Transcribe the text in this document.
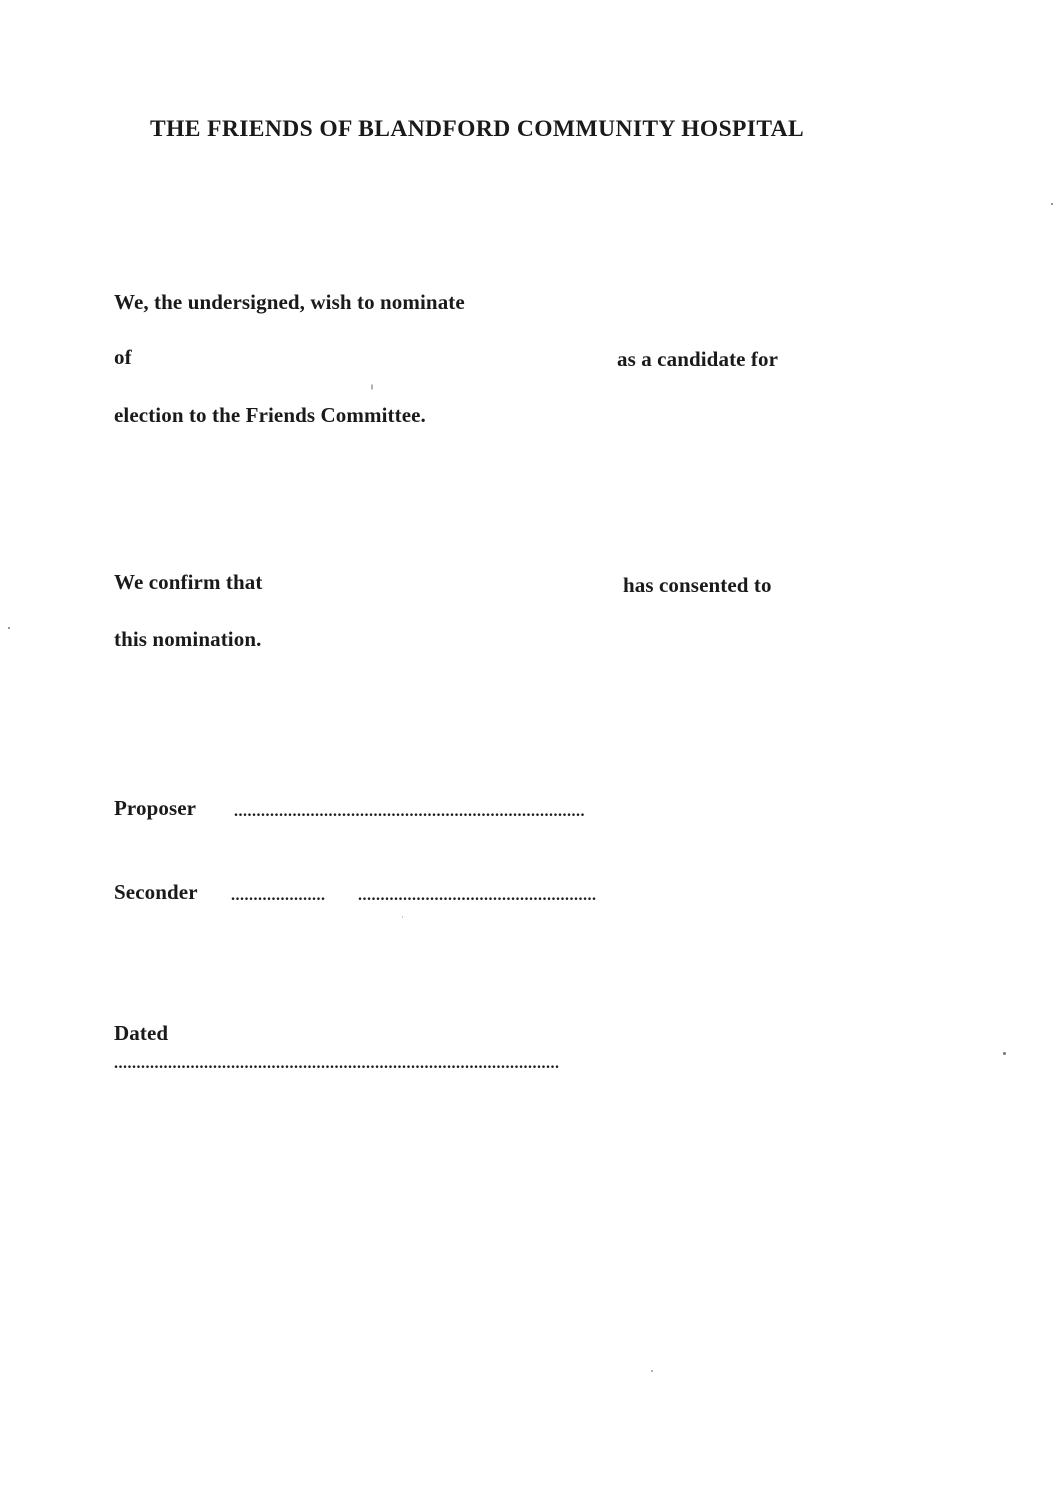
THE FRIENDS OF BLANDFORD COMMUNITY HOSPITAL
We, the undersigned, wish to nominate
of	as a candidate for
election to the Friends Committee.
We confirm that	has consented to
this nomination.
Proposer ..............................................................................
Seconder .....................	.....................................................
Dated
...................................................................................................
